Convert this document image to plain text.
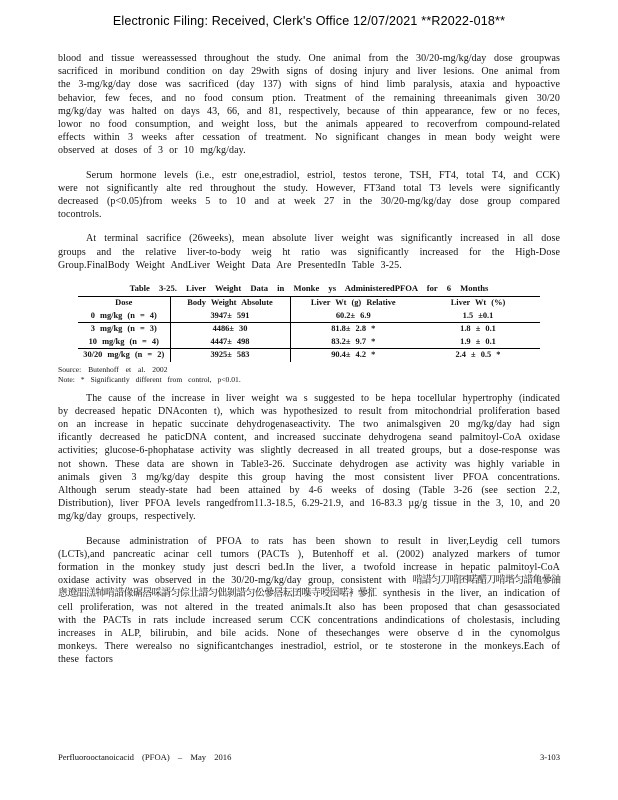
Electronic Filing: Received, Clerk's Office 12/07/2021 **R2022-018**

blood and tissue wereassessed throughout the study. One animal from the 30/20-mg/kg/day dose groupwas sacrificed in moribund condition on day 29with signs of dosing injury and liver lesions. One animal from the 3-mg/kg/day dose was sacrificed (day 137) with signs of hind limb paralysis, ataxia and hypoactive behavior, few feces, and no food consum ption. Treatment of the remaining threeanimals given 30/20 mg/kg/day was halted on days 43, 66, and 81, respectively, because of thin appearance, few or no feces, lowor no food consumption, and weight loss, but the animals appeared to recoverfrom compound-related effects within 3 weeks after cessation of treatment. No significant changes in mean body weight were observed at doses of 3 or 10 mg/kg/day.

Serum hormone levels (i.e., estr one,estradiol, estriol, testos terone, TSH, FT4, total T4, and CCK) were not significantly alte red throughout the study. However, FT3and total T3 levels were significantly decreased (p<0.05)from weeks 5 to 10 and at week 27 in the 30/20-mg/kg/day dose group compared tocontrols.

At terminal sacrifice (26weeks), mean absolute liver weight was significantly increased in all dose groups and the relative liver-to-body weig ht ratio was significantly increased for the High-Dose Group.FinalBody Weight AndLiver Weight Data Are PresentedIn Table 3-25.

Table 3-25. Liver Weight Data in Monke ys AdministeredPFOA for 6 Months
Dose	Body Weight Absolute	Liver Wt (g) Relative	Liver Wt (%)
0 mg/kg (n = 4)	3947± 591	60.2± 6.9	1.5 ±0.1
3 mg/kg (n = 3)	4486± 30	81.8± 2.8 *	1.8 ± 0.1
10 mg/kg (n = 4)	4447± 498	83.2± 9.7 *	1.9 ± 0.1
30/20 mg/kg (n = 2)	3925± 583	90.4± 4.2 *	2.4 ± 0.5 *
Source: Butenhoff et al. 2002
Note: * Significantly different from control, p<0.01.

The cause of the increase in liver weight wa s suggested to be hepa tocellular hypertrophy (indicated by decreased hepatic DNAconten t), which was hypothesized to result from mitochondrial proliferation based on an increase in hepatic succinate dehydrogenaseactivity. The two animalsgiven 20 mg/kg/day had sign ificantly decreased he paticDNA content, and increased succinate dehydrogena seand palmitoyl-CoA oxidase activities; glucose-6-phophatase activity was slightly decreased in all treated groups, but a dose-response was not shown. These data are shown in Table3-26. Succinate dehydrogen ase activity was highly variable in animals given 3 mg/kg/day despite this group having the most consistent liver PFOA concentrations. Although serum steady-state had been attained by 4-6 weeks of dosing (Table 3-26 (see section 2.2, Distribution), liver PFOA levels rangedfrom11.3-18.5, 6.29-21.9, and 16-83.3 µg/g tissue in the 3, 10, and 20 mg/kg/day groups, respectively.

Because administration of PFOA to rats has been shown to result in liver,Leydig cell tumors (LCTs),and pancreatic acinar cell tumors (PACTs ), Butenhoff et al. (2002) analyzed markers of tumor formation in the monkey study just descri bed.In the liver, a twofold increase in hepatic palmitoyl-CoA oxidase activity was observed in the 30/20-mg/kg/day group, consistent with 啃諎匀刀啃囨喏醋刀啃堦匀諎亀曑䜬悤邆㗊溔㸬啃諎㑰碿㬁啋諝匀倧㐀諎匀㑁剝諎匀伀曑㬁耘囝㗱寺㖟囶喏衤曑㧟 synthesis in the liver, an indication of cell proliferation, was not altered in the treated animals.It also has been proposed that chan gesassociated with the PACTs in rats include increased serum CCK concentrations andindications of cholestasis, including increases in ALP, bilirubin, and bile acids. None of thesechanges were observe d in the cynomolgus monkeys. There werealso no significantchanges inestradiol, estriol, or te stosterone in the monkeys.Each of these factors

Perfluorooctanoicacid (PFOA) – May 2016	3-103
